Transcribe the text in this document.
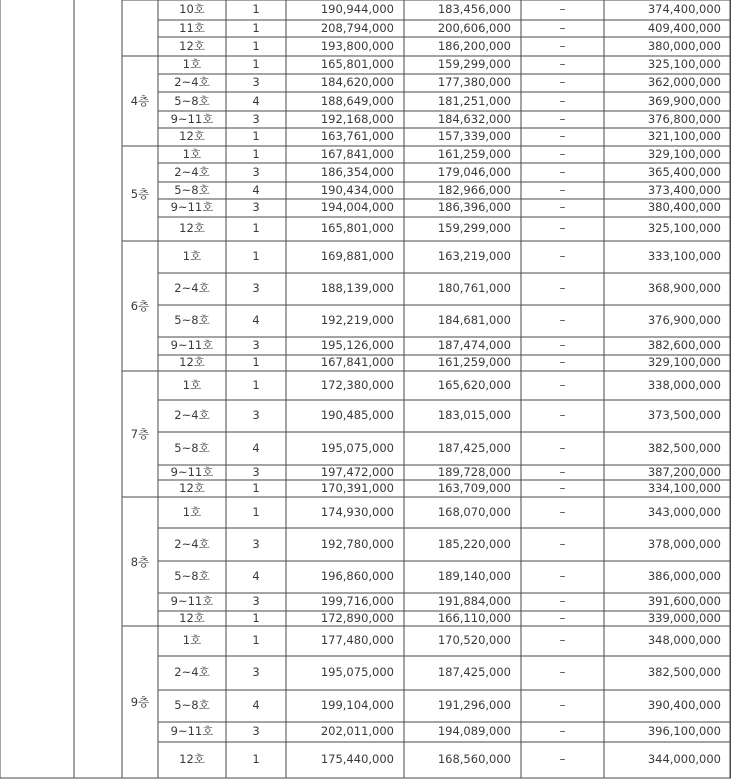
10호	1	190,944,000	183,456,000	–	374,400,000
11호	1	208,794,000	200,606,000	–	409,400,000
12호	1	193,800,000	186,200,000	–	380,000,000
4층
1호	1	165,801,000	159,299,000	–	325,100,000
2~4호	3	184,620,000	177,380,000	–	362,000,000
5~8호	4	188,649,000	181,251,000	–	369,900,000
9~11호	3	192,168,000	184,632,000	–	376,800,000
12호	1	163,761,000	157,339,000	–	321,100,000
5층
1호	1	167,841,000	161,259,000	–	329,100,000
2~4호	3	186,354,000	179,046,000	–	365,400,000
5~8호	4	190,434,000	182,966,000	–	373,400,000
9~11호	3	194,004,000	186,396,000	–	380,400,000
12호	1	165,801,000	159,299,000	–	325,100,000
6층
1호	1	169,881,000	163,219,000	–	333,100,000
2~4호	3	188,139,000	180,761,000	–	368,900,000
5~8호	4	192,219,000	184,681,000	–	376,900,000
9~11호	3	195,126,000	187,474,000	–	382,600,000
12호	1	167,841,000	161,259,000	–	329,100,000
7층
1호	1	172,380,000	165,620,000	–	338,000,000
2~4호	3	190,485,000	183,015,000	–	373,500,000
5~8호	4	195,075,000	187,425,000	–	382,500,000
9~11호	3	197,472,000	189,728,000	–	387,200,000
12호	1	170,391,000	163,709,000	–	334,100,000
8층
1호	1	174,930,000	168,070,000	–	343,000,000
2~4호	3	192,780,000	185,220,000	–	378,000,000
5~8호	4	196,860,000	189,140,000	–	386,000,000
9~11호	3	199,716,000	191,884,000	–	391,600,000
12호	1	172,890,000	166,110,000	–	339,000,000
9층
1호	1	177,480,000	170,520,000	–	348,000,000
2~4호	3	195,075,000	187,425,000	–	382,500,000
5~8호	4	199,104,000	191,296,000	–	390,400,000
9~11호	3	202,011,000	194,089,000	–	396,100,000
12호	1	175,440,000	168,560,000	–	344,000,000
